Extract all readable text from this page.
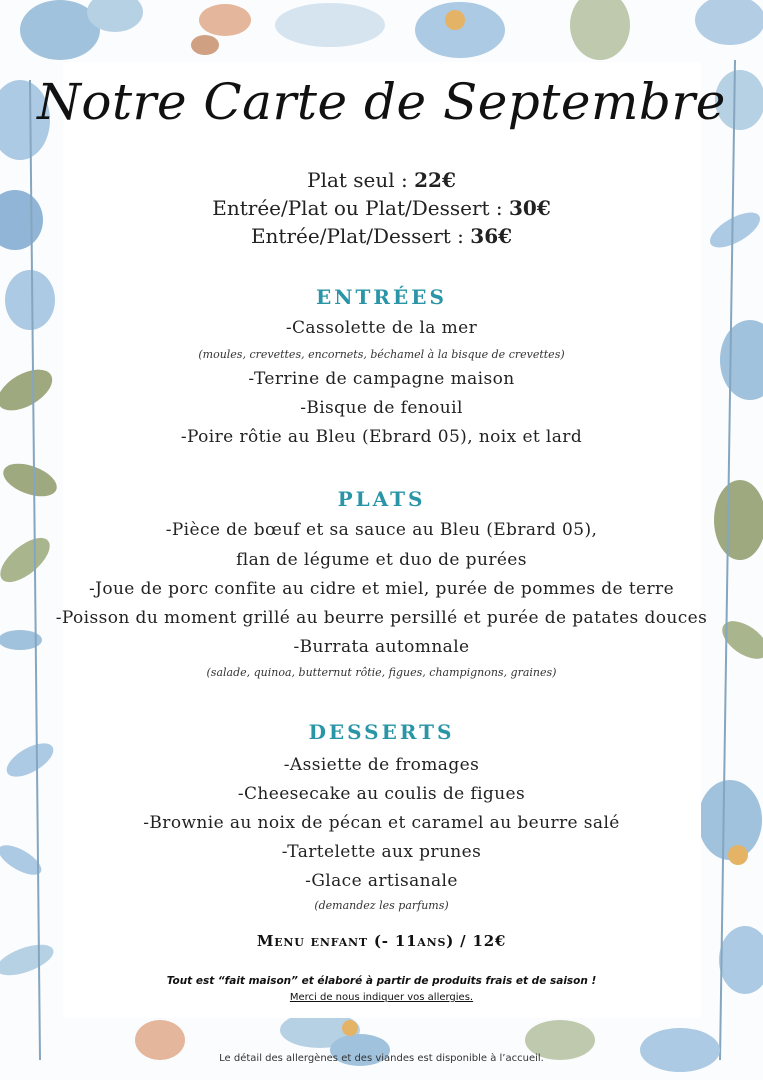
Notre Carte de Septembre
Plat seul : 22€
Entrée/Plat ou Plat/Dessert : 30€
Entrée/Plat/Dessert : 36€
ENTRÉES
-Cassolette de la mer
(moules, crevettes, encornets, béchamel à la bisque de crevettes)
-Terrine de campagne maison
-Bisque de fenouil
-Poire rôtie au Bleu (Ebrard 05), noix et lard
PLATS
-Pièce de bœuf et sa sauce au Bleu (Ebrard 05),
flan de légume et duo de purées
-Joue de porc confite au cidre et miel, purée de pommes de terre
-Poisson du moment grillé au beurre persillé et purée de patates douces
-Burrata automnale
(salade, quinoa, butternut rôtie, figues, champignons, graines)
DESSERTS
-Assiette de fromages
-Cheesecake au coulis de figues
-Brownie au noix de pécan et caramel au beurre salé
-Tartelette aux prunes
-Glace artisanale
(demandez les parfums)
Menu enfant (- 11ans) / 12€
Tout est “fait maison” et élaboré à partir de produits frais et de saison !
Merci de nous indiquer vos allergies.
Le détail des allergènes et des viandes est disponible à l’accueil.
